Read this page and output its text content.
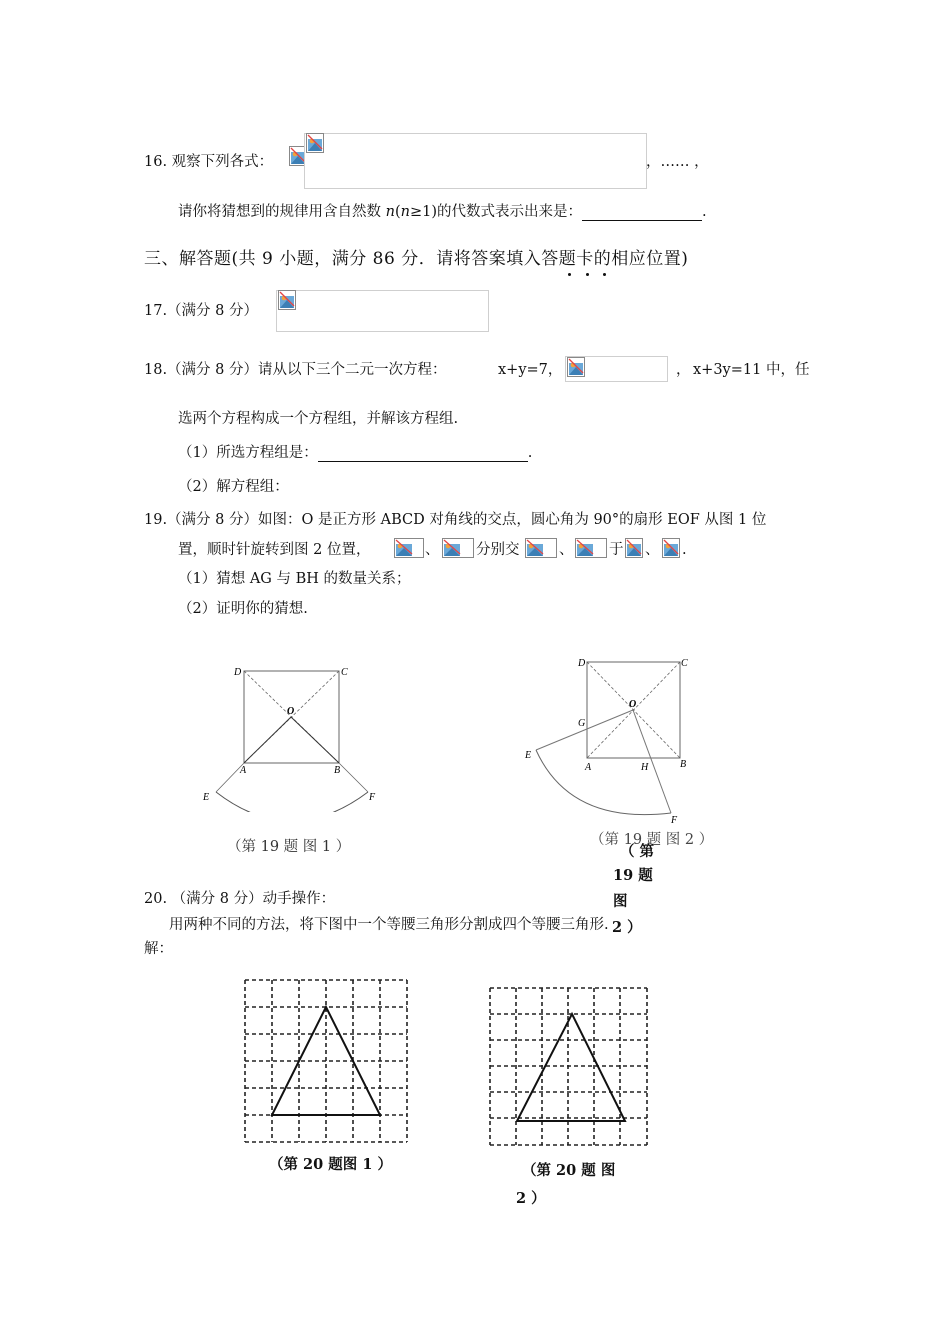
16. 观察下列各式：	，…… ，
请你将猜想到的规律用含自然数 n(n≥1)的代数式表示出来是：	.
三、解答题(共 9 小题，满分 86 分．请将答案填入答题卡的相应位置)
17.（满分 8 分）
18.（满分 8 分）请从以下三个二元一次方程：	x+y=7，	， x+3y=11 中，任
选两个方程构成一个方程组，并解该方程组.
（1）所选方程组是：	.
（2）解方程组：
19.（满分 8 分）如图：O 是正方形 ABCD 对角线的交点，圆心角为 90°的扇形 EOF 从图 1 位
置，顺时针旋转到图 2 位置，	、	分别交	、 于 、 .
（1）猜想 AG 与 BH 的数量关系；
（2）证明你的猜想.
D	C
O
A	B
E	F
（第 19 题 图 1 ）
D	C
O
G
A	H	B
E
F
（第 19 题 图 2 ）
（ 第
19 题
图
2 ）
20. （满分 8 分）动手操作：
用两种不同的方法，将下图中一个等腰三角形分割成四个等腰三角形.
解：
（第 20 题图 1 ）	（第 20 题 图
2 ）
